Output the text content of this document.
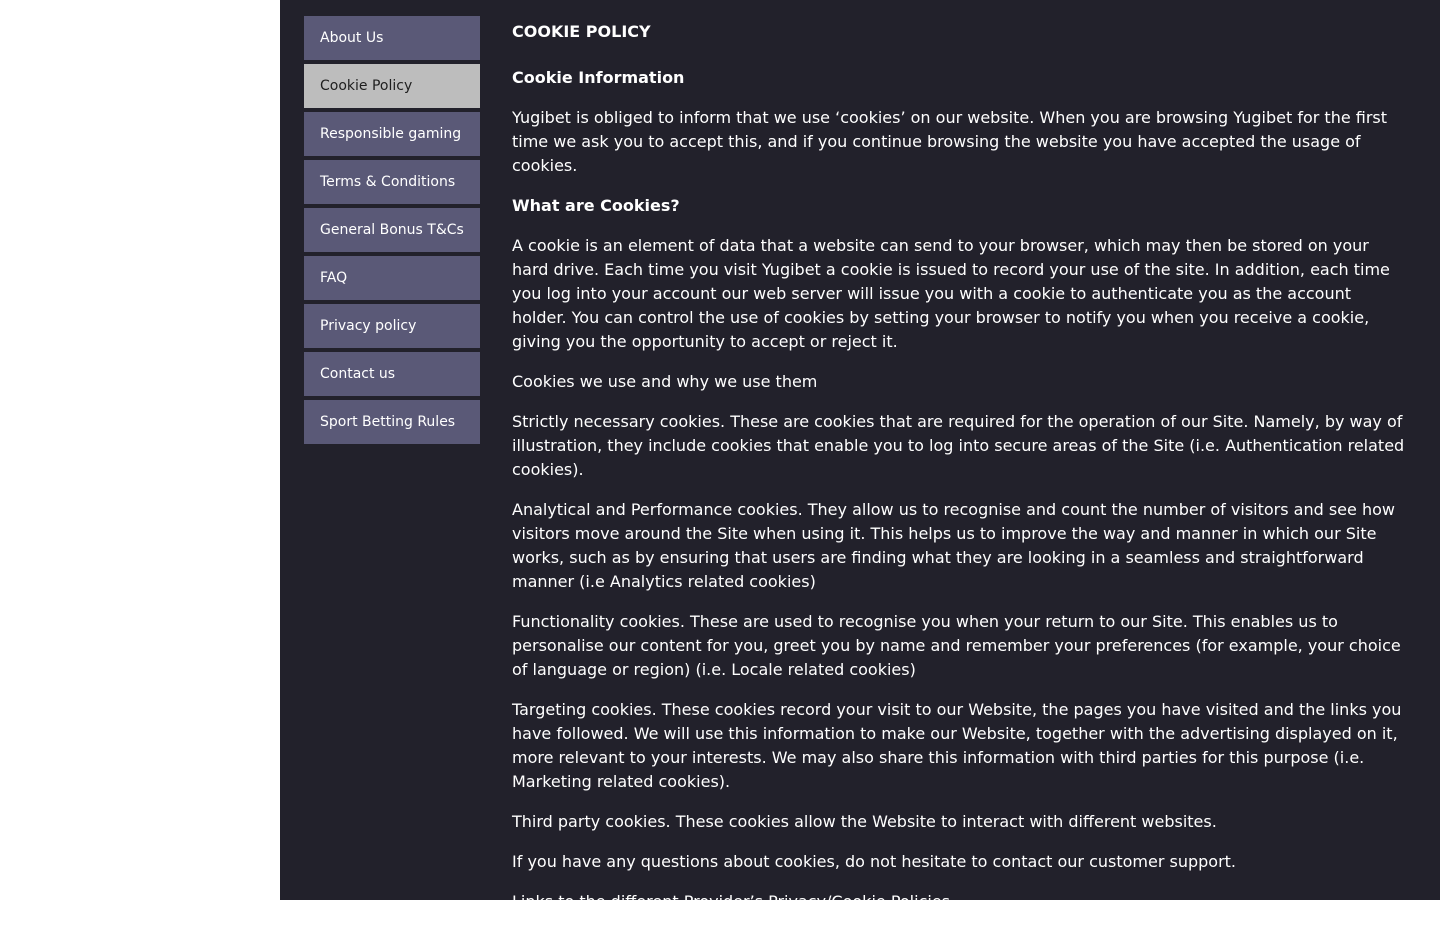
About Us
Cookie Policy
Responsible gaming
Terms & Conditions
General Bonus T&Cs
FAQ
Privacy policy
Contact us
Sport Betting Rules
COOKIE POLICY
Cookie Information

Yugibet is obliged to inform that we use ‘cookies’ on our website. When you are browsing Yugibet for the first time we ask you to accept this, and if you continue browsing the website you have accepted the usage of cookies.

What are Cookies?

A cookie is an element of data that a website can send to your browser, which may then be stored on your hard drive. Each time you visit Yugibet a cookie is issued to record your use of the site. In addition, each time you log into your account our web server will issue you with a cookie to authenticate you as the account holder. You can control the use of cookies by setting your browser to notify you when you receive a cookie, giving you the opportunity to accept or reject it.

Cookies we use and why we use them

Strictly necessary cookies. These are cookies that are required for the operation of our Site. Namely, by way of illustration, they include cookies that enable you to log into secure areas of the Site (i.e. Authentication related cookies).

Analytical and Performance cookies. They allow us to recognise and count the number of visitors and see how visitors move around the Site when using it. This helps us to improve the way and manner in which our Site works, such as by ensuring that users are finding what they are looking in a seamless and straightforward manner (i.e Analytics related cookies)

Functionality cookies. These are used to recognise you when your return to our Site. This enables us to personalise our content for you, greet you by name and remember your preferences (for example, your choice of language or region) (i.e. Locale related cookies)

Targeting cookies. These cookies record your visit to our Website, the pages you have visited and the links you have followed. We will use this information to make our Website, together with the advertising displayed on it, more relevant to your interests. We may also share this information with third parties for this purpose (i.e. Marketing related cookies).

Third party cookies. These cookies allow the Website to interact with different websites.

If you have any questions about cookies, do not hesitate to contact our customer support.

Links to the different Provider’s Privacy/Cookie Policies
